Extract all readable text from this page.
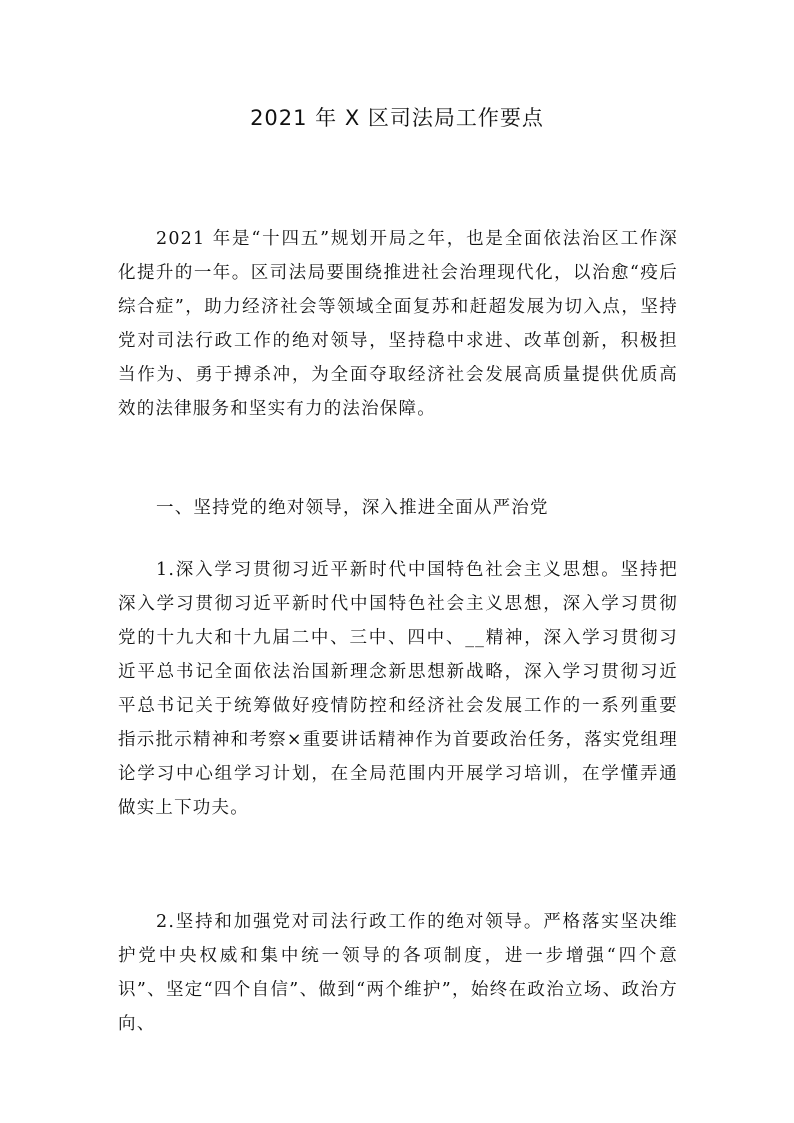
2021 年 X 区司法局工作要点

2021 年是“十四五”规划开局之年，也是全面依法治区工作深化提升的一年。区司法局要围绕推进社会治理现代化，以治愈“疫后综合症”，助力经济社会等领域全面复苏和赶超发展为切入点，坚持党对司法行政工作的绝对领导，坚持稳中求进、改革创新，积极担当作为、勇于搏杀冲，为全面夺取经济社会发展高质量提供优质高效的法律服务和坚实有力的法治保障。

一、坚持党的绝对领导，深入推进全面从严治党

1.深入学习贯彻习近平新时代中国特色社会主义思想。坚持把深入学习贯彻习近平新时代中国特色社会主义思想，深入学习贯彻党的十九大和十九届二中、三中、四中、__精神，深入学习贯彻习近平总书记全面依法治国新理念新思想新战略，深入学习贯彻习近平总书记关于统筹做好疫情防控和经济社会发展工作的一系列重要指示批示精神和考察×重要讲话精神作为首要政治任务，落实党组理论学习中心组学习计划，在全局范围内开展学习培训，在学懂弄通做实上下功夫。

2.坚持和加强党对司法行政工作的绝对领导。严格落实坚决维护党中央权威和集中统一领导的各项制度，进一步增强“四个意识”、坚定“四个自信”、做到“两个维护”，始终在政治立场、政治方向、
